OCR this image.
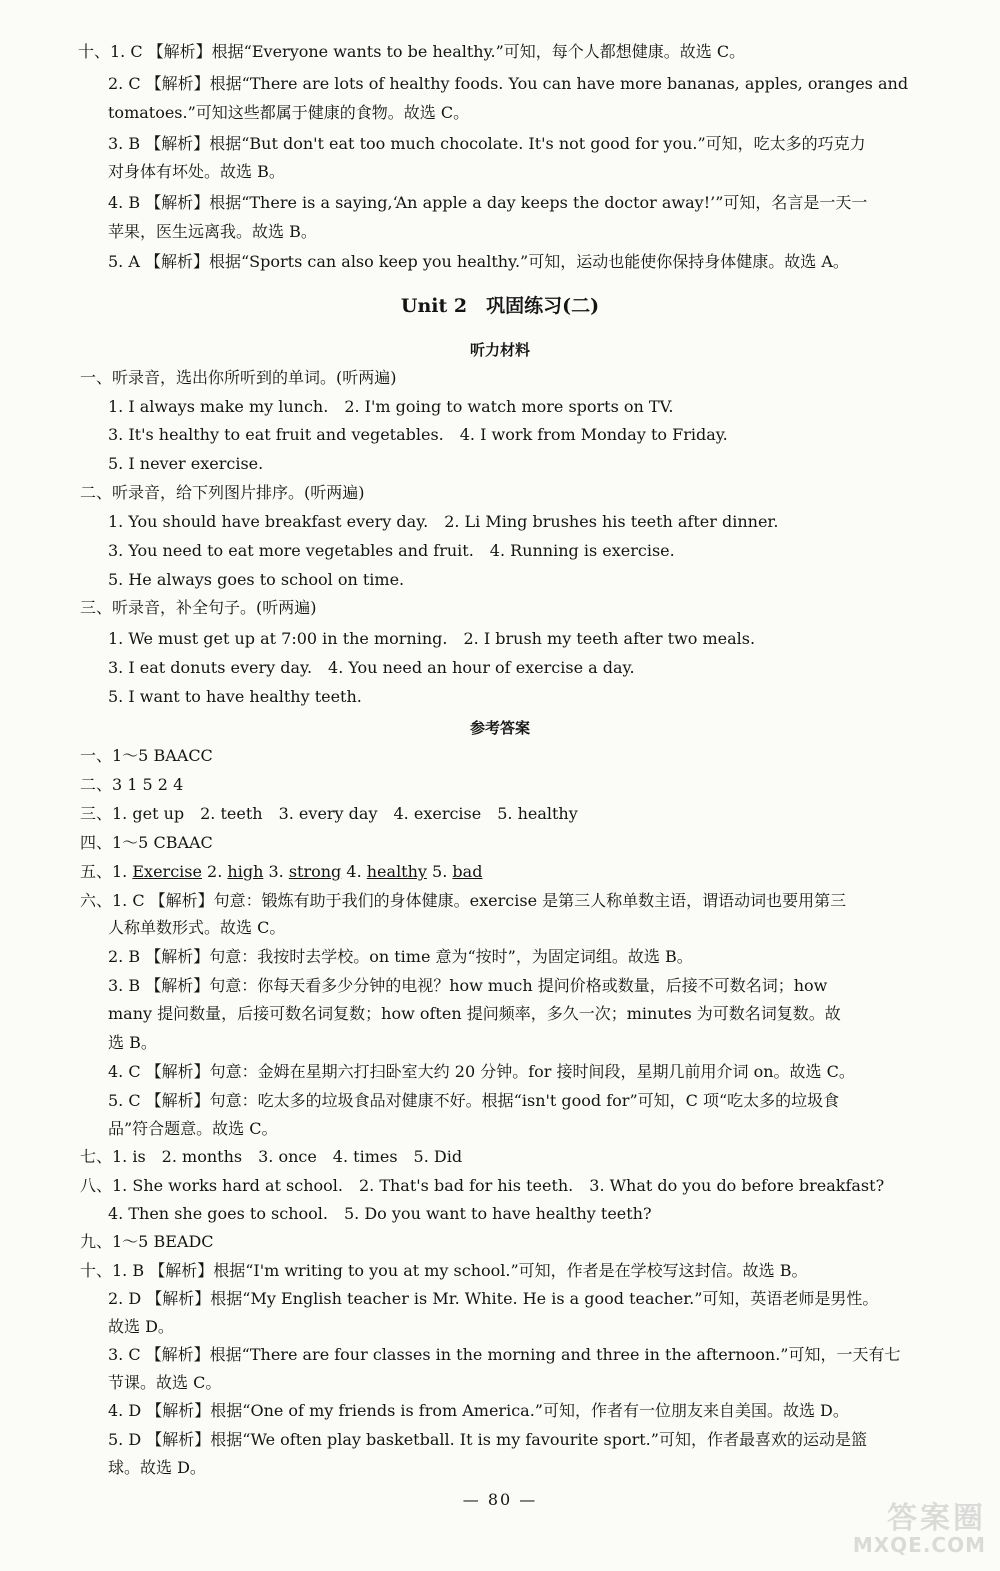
十、1. C 【解析】根据“Everyone wants to be healthy.”可知，每个人都想健康。故选 C。
2. C 【解析】根据“There are lots of healthy foods. You can have more bananas, apples, oranges and
tomatoes.”可知这些都属于健康的食物。故选 C。
3. B 【解析】根据“But don't eat too much chocolate. It's not good for you.”可知，吃太多的巧克力
对身体有坏处。故选 B。
4. B 【解析】根据“There is a saying,‘An apple a day keeps the doctor away!’”可知，名言是一天一
苹果，医生远离我。故选 B。
5. A 【解析】根据“Sports can also keep you healthy.”可知，运动也能使你保持身体健康。故选 A。
Unit 2　巩固练习(二)
听力材料
一、听录音，选出你所听到的单词。(听两遍)
1. I always make my lunch.　2. I'm going to watch more sports on TV.
3. It's healthy to eat fruit and vegetables.　4. I work from Monday to Friday.
5. I never exercise.
二、听录音，给下列图片排序。(听两遍)
1. You should have breakfast every day.　2. Li Ming brushes his teeth after dinner.
3. You need to eat more vegetables and fruit.　4. Running is exercise.
5. He always goes to school on time.
三、听录音，补全句子。(听两遍)
1. We must get up at 7:00 in the morning.　2. I brush my teeth after two meals.
3. I eat donuts every day.　4. You need an hour of exercise a day.
5. I want to have healthy teeth.
参考答案
一、1～5 BAACC
二、3 1 5 2 4
三、1. get up　2. teeth　3. every day　4. exercise　5. healthy
四、1～5 CBAAC
五、1. Exercise 2. high 3. strong 4. healthy 5. bad
六、1. C 【解析】句意：锻炼有助于我们的身体健康。exercise 是第三人称单数主语，谓语动词也要用第三
人称单数形式。故选 C。
2. B 【解析】句意：我按时去学校。on time 意为“按时”，为固定词组。故选 B。
3. B 【解析】句意：你每天看多少分钟的电视？how much 提问价格或数量，后接不可数名词；how
many 提问数量，后接可数名词复数；how often 提问频率，多久一次；minutes 为可数名词复数。故
选 B。
4. C 【解析】句意：金姆在星期六打扫卧室大约 20 分钟。for 接时间段，星期几前用介词 on。故选 C。
5. C 【解析】句意：吃太多的垃圾食品对健康不好。根据“isn't good for”可知，C 项“吃太多的垃圾食
品”符合题意。故选 C。
七、1. is　2. months　3. once　4. times　5. Did
八、1. She works hard at school.　2. That's bad for his teeth.　3. What do you do before breakfast?
4. Then she goes to school.　5. Do you want to have healthy teeth?
九、1～5 BEADC
十、1. B 【解析】根据“I'm writing to you at my school.”可知，作者是在学校写这封信。故选 B。
2. D 【解析】根据“My English teacher is Mr. White. He is a good teacher.”可知，英语老师是男性。
故选 D。
3. C 【解析】根据“There are four classes in the morning and three in the afternoon.”可知，一天有七
节课。故选 C。
4. D 【解析】根据“One of my friends is from America.”可知，作者有一位朋友来自美国。故选 D。
5. D 【解析】根据“We often play basketball. It is my favourite sport.”可知，作者最喜欢的运动是篮
球。故选 D。
— 80 —
答案圈
MXQE.COM
